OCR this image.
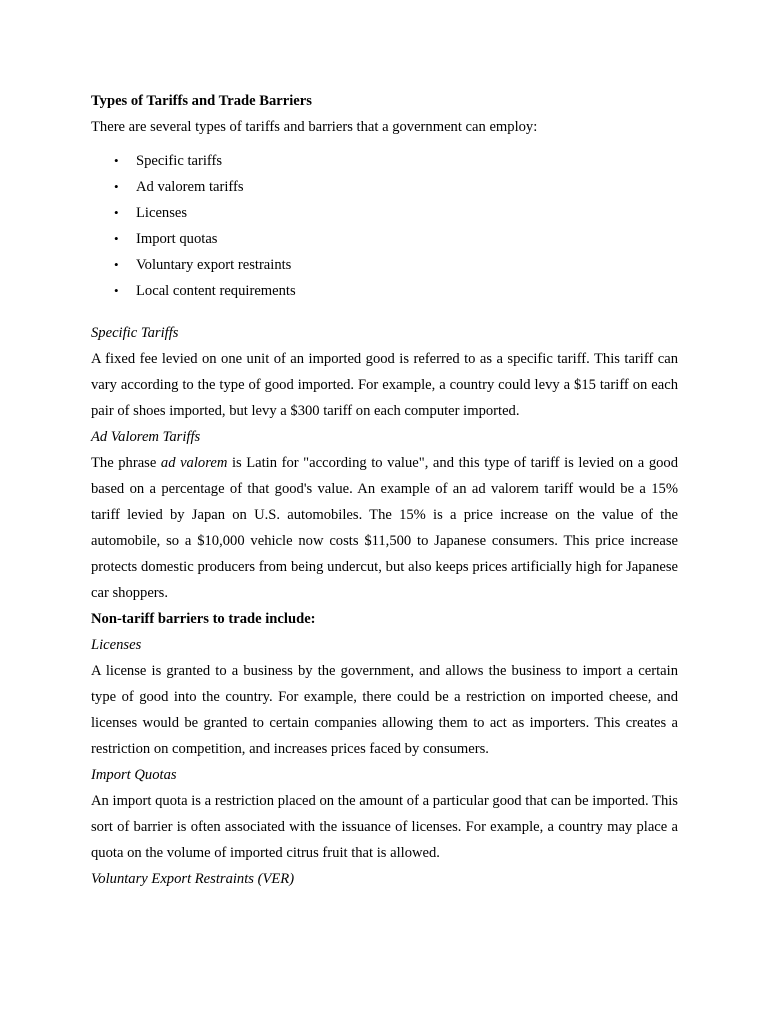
Types of Tariffs and Trade Barriers

There are several types of tariffs and barriers that a government can employ:

• Specific tariffs
• Ad valorem tariffs
• Licenses
• Import quotas
• Voluntary export restraints
• Local content requirements

Specific Tariffs

A fixed fee levied on one unit of an imported good is referred to as a specific tariff. This tariff can vary according to the type of good imported. For example, a country could levy a $15 tariff on each pair of shoes imported, but levy a $300 tariff on each computer imported.

Ad Valorem Tariffs

The phrase ad valorem is Latin for "according to value", and this type of tariff is levied on a good based on a percentage of that good's value. An example of an ad valorem tariff would be a 15% tariff levied by Japan on U.S. automobiles. The 15% is a price increase on the value of the automobile, so a $10,000 vehicle now costs $11,500 to Japanese consumers. This price increase protects domestic producers from being undercut, but also keeps prices artificially high for Japanese car shoppers.

Non-tariff barriers to trade include:

Licenses

A license is granted to a business by the government, and allows the business to import a certain type of good into the country. For example, there could be a restriction on imported cheese, and licenses would be granted to certain companies allowing them to act as importers. This creates a restriction on competition, and increases prices faced by consumers.

Import Quotas

An import quota is a restriction placed on the amount of a particular good that can be imported. This sort of barrier is often associated with the issuance of licenses. For example, a country may place a quota on the volume of imported citrus fruit that is allowed.

Voluntary Export Restraints (VER)
